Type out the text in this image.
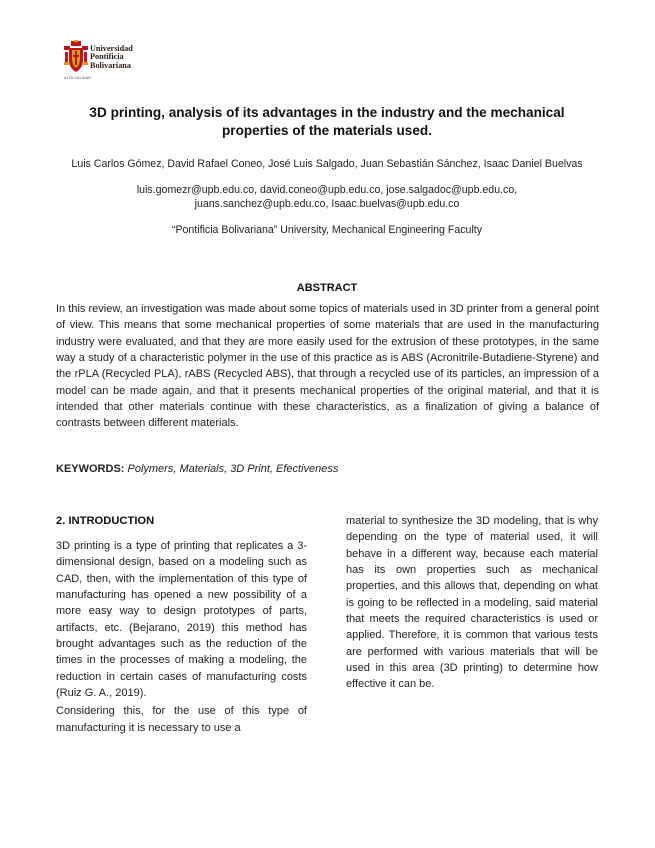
Universidad
Pontificia
Bolivariana
ALTA CALIDAD
3D printing, analysis of its advantages in the industry and the mechanical properties of the materials used.
Luis Carlos Gómez, David Rafael Coneo, José Luis Salgado, Juan Sebastián Sánchez, Isaac Daniel Buelvas
luis.gomezr@upb.edu.co, david.coneo@upb.edu.co, jose.salgadoc@upb.edu.co,
juans.sanchez@upb.edu.co, Isaac.buelvas@upb.edu.co
“Pontificia Bolivariana” University, Mechanical Engineering Faculty
ABSTRACT
In this review, an investigation was made about some topics of materials used in 3D printer from a general point of view. This means that some mechanical properties of some materials that are used in the manufacturing industry were evaluated, and that they are more easily used for the extrusion of these prototypes, in the same way a study of a characteristic polymer in the use of this practice as is ABS (Acronitrile-Butadiene-Styrene) and the rPLA (Recycled PLA), rABS (Recycled ABS), that through a recycled use of its particles, an impression of a model can be made again, and that it presents mechanical properties of the original material, and that it is intended that other materials continue with these characteristics, as a finalization of giving a balance of contrasts between different materials.
KEYWORDS: Polymers, Materials, 3D Print, Efectiveness
2. INTRODUCTION

3D printing is a type of printing that replicates a 3-dimensional design, based on a modeling such as CAD, then, with the implementation of this type of manufacturing has opened a new possibility of a more easy way to design prototypes of parts, artifacts, etc. (Bejarano, 2019) this method has brought advantages such as the reduction of the times in the processes of making a modeling, the reduction in certain cases of manufacturing costs (Ruiz G. A., 2019).

Considering this, for the use of this type of manufacturing it is necessary to use a

material to synthesize the 3D modeling, that is why depending on the type of material used, it will behave in a different way, because each material has its own properties such as mechanical properties, and this allows that, depending on what is going to be reflected in a modeling, said material that meets the required characteristics is used or applied. Therefore, it is common that various tests are performed with various materials that will be used in this area (3D printing) to determine how effective it can be.
